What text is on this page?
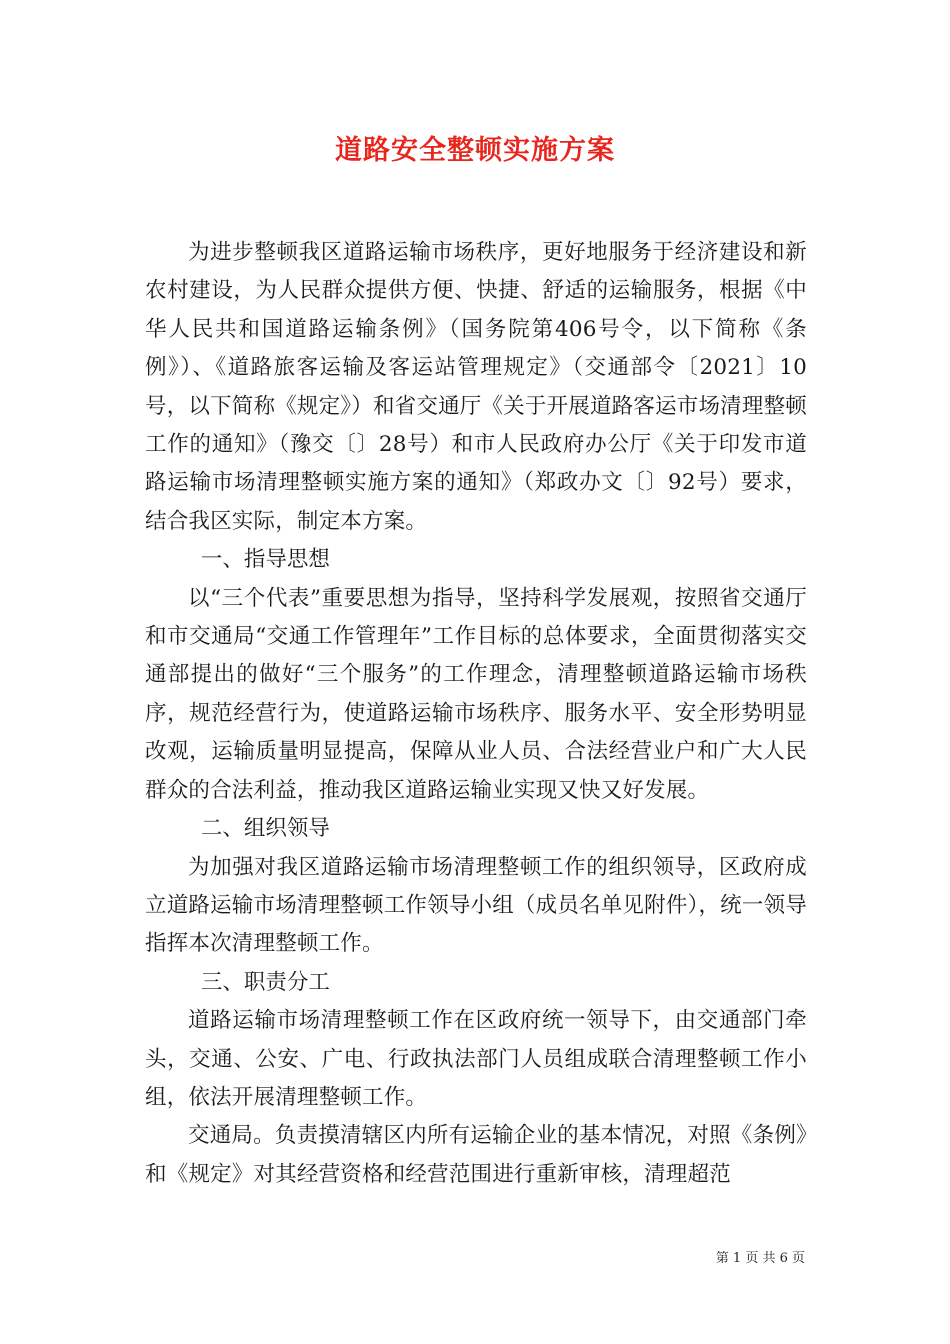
道路安全整顿实施方案

为进步整顿我区道路运输市场秩序，更好地服务于经济建设和新农村建设，为人民群众提供方便、快捷、舒适的运输服务，根据《中华人民共和国道路运输条例》（国务院第406号令，以下简称《条例》）、《道路旅客运输及客运站管理规定》（交通部令〔2021〕10号，以下简称《规定》）和省交通厅《关于开展道路客运市场清理整顿工作的通知》（豫交〔〕28号）和市人民政府办公厅《关于印发市道路运输市场清理整顿实施方案的通知》（郑政办文〔〕92号）要求，结合我区实际，制定本方案。

一、指导思想

以“三个代表”重要思想为指导，坚持科学发展观，按照省交通厅和市交通局“交通工作管理年”工作目标的总体要求，全面贯彻落实交通部提出的做好“三个服务”的工作理念，清理整顿道路运输市场秩序，规范经营行为，使道路运输市场秩序、服务水平、安全形势明显改观，运输质量明显提高，保障从业人员、合法经营业户和广大人民群众的合法利益，推动我区道路运输业实现又快又好发展。

二、组织领导

为加强对我区道路运输市场清理整顿工作的组织领导，区政府成立道路运输市场清理整顿工作领导小组（成员名单见附件），统一领导指挥本次清理整顿工作。

三、职责分工

道路运输市场清理整顿工作在区政府统一领导下，由交通部门牵头，交通、公安、广电、行政执法部门人员组成联合清理整顿工作小组，依法开展清理整顿工作。

交通局。负责摸清辖区内所有运输企业的基本情况，对照《条例》和《规定》对其经营资格和经营范围进行重新审核，清理超范

第 1 页 共 6 页
